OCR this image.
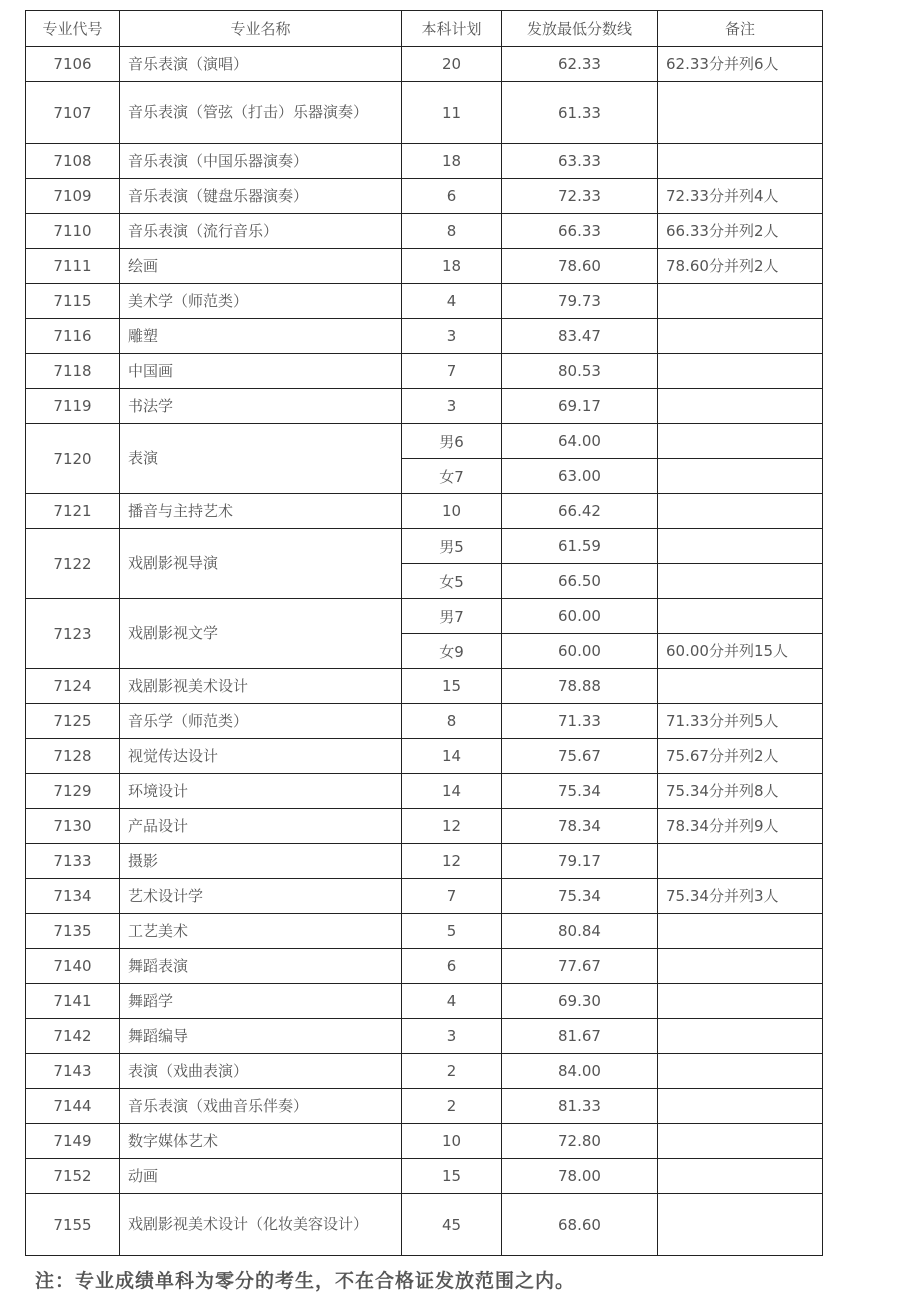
专业代号	专业名称	本科计划	发放最低分数线	备注
7106	音乐表演（演唱）	20	62.33	62.33分并列6人
7107	音乐表演（管弦（打击）乐器演奏）	11	61.33	
7108	音乐表演（中国乐器演奏）	18	63.33	
7109	音乐表演（键盘乐器演奏）	6	72.33	72.33分并列4人
7110	音乐表演（流行音乐）	8	66.33	66.33分并列2人
7111	绘画	18	78.60	78.60分并列2人
7115	美术学（师范类）	4	79.73	
7116	雕塑	3	83.47	
7118	中国画	7	80.53	
7119	书法学	3	69.17	
7120	表演	男6	64.00	
		女7	63.00	
7121	播音与主持艺术	10	66.42	
7122	戏剧影视导演	男5	61.59	
		女5	66.50	
7123	戏剧影视文学	男7	60.00	
		女9	60.00	60.00分并列15人
7124	戏剧影视美术设计	15	78.88	
7125	音乐学（师范类）	8	71.33	71.33分并列5人
7128	视觉传达设计	14	75.67	75.67分并列2人
7129	环境设计	14	75.34	75.34分并列8人
7130	产品设计	12	78.34	78.34分并列9人
7133	摄影	12	79.17	
7134	艺术设计学	7	75.34	75.34分并列3人
7135	工艺美术	5	80.84	
7140	舞蹈表演	6	77.67	
7141	舞蹈学	4	69.30	
7142	舞蹈编导	3	81.67	
7143	表演（戏曲表演）	2	84.00	
7144	音乐表演（戏曲音乐伴奏）	2	81.33	
7149	数字媒体艺术	10	72.80	
7152	动画	15	78.00	
7155	戏剧影视美术设计（化妆美容设计）	45	68.60	
注：专业成绩单科为零分的考生，不在合格证发放范围之内。
